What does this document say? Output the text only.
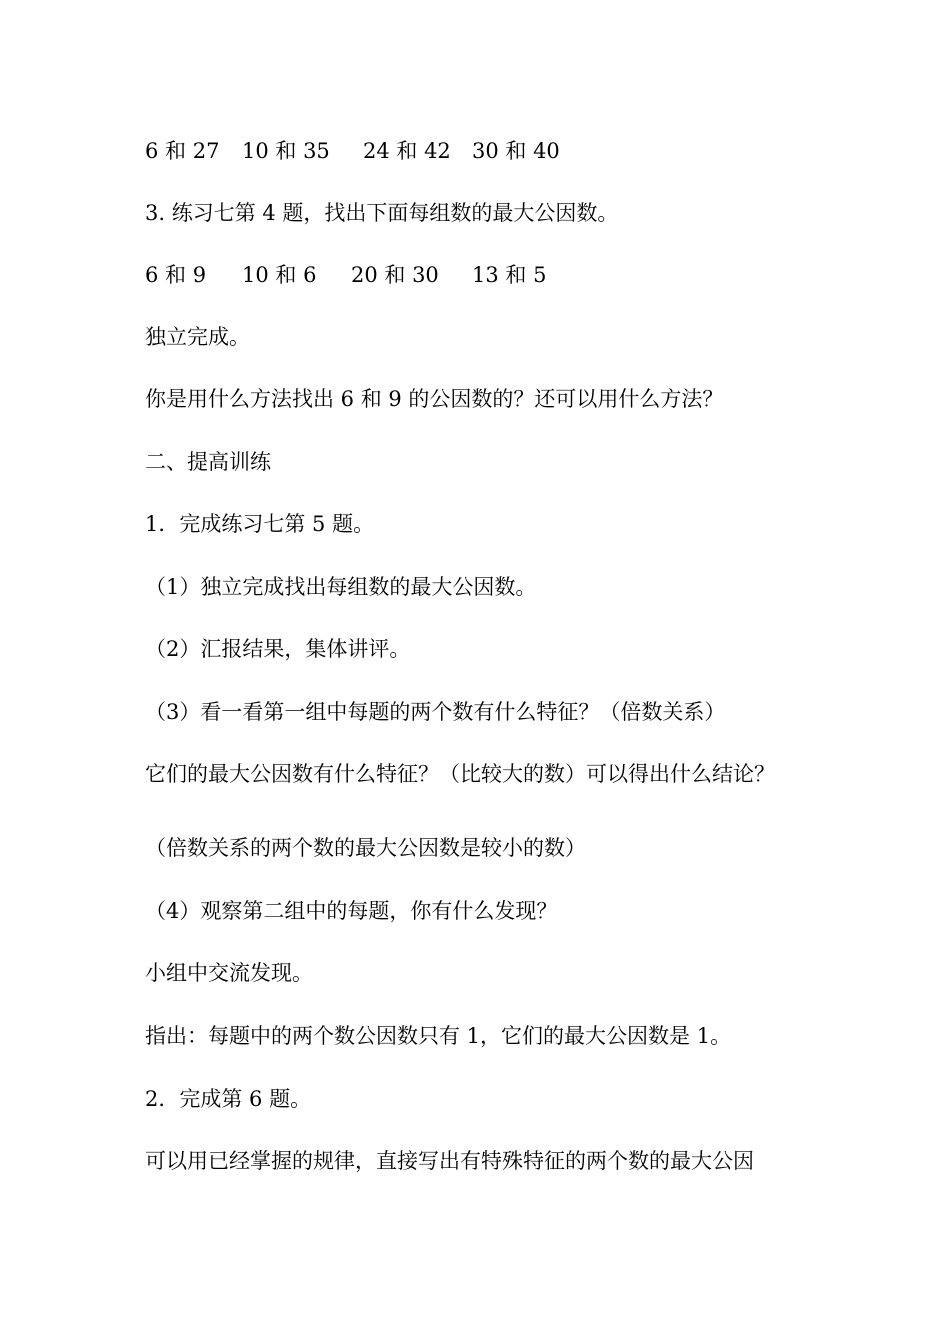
6 和 27 10 和 35 24 和 42 30 和 40

3. 练习七第 4 题，找出下面每组数的最大公因数。

6 和 9 10 和 6 20 和 30 13 和 5

独立完成。

你是用什么方法找出 6 和 9 的公因数的？还可以用什么方法？

二、提高训练

1．完成练习七第 5 题。

（1）独立完成找出每组数的最大公因数。

（2）汇报结果，集体讲评。

（3）看一看第一组中每题的两个数有什么特征？（倍数关系）

它们的最大公因数有什么特征？（比较大的数）可以得出什么结论？

（倍数关系的两个数的最大公因数是较小的数）

（4）观察第二组中的每题，你有什么发现？

小组中交流发现。

指出：每题中的两个数公因数只有 1，它们的最大公因数是 1。

2．完成第 6 题。

可以用已经掌握的规律，直接写出有特殊特征的两个数的最大公因
